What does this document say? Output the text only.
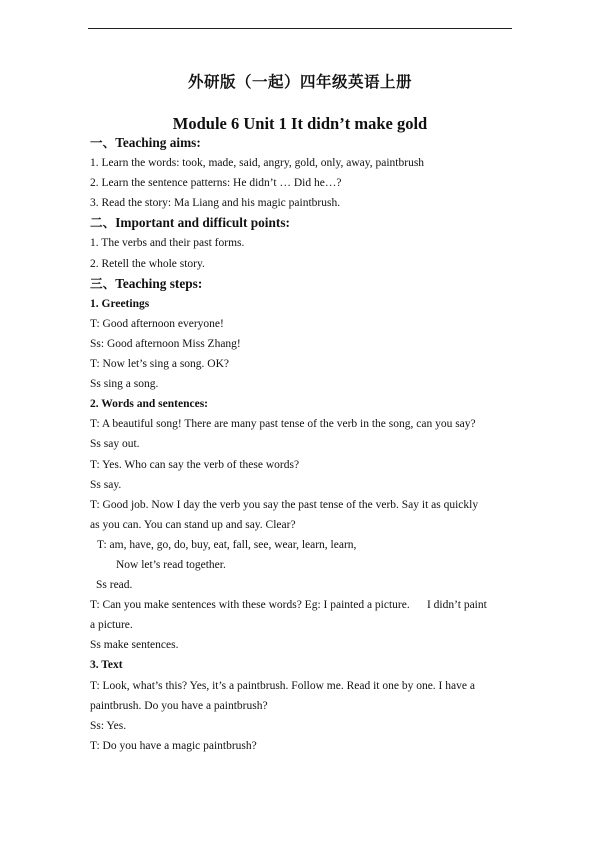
外研版（一起）四年级英语上册
Module 6 Unit 1 It didn’t make gold
一、Teaching aims:
1. Learn the words: took, made, said, angry, gold, only, away, paintbrush
2. Learn the sentence patterns: He didn’t … Did he…?
3. Read the story: Ma Liang and his magic paintbrush.
二、Important and difficult points:
1. The verbs and their past forms.
2. Retell the whole story.
三、Teaching steps:
1. Greetings
T: Good afternoon everyone!
Ss: Good afternoon Miss Zhang!
T: Now let’s sing a song. OK?
Ss sing a song.
2. Words and sentences:
T: A beautiful song! There are many past tense of the verb in the song, can you say?
Ss say out.
T: Yes. Who can say the verb of these words?
Ss say.
T: Good job. Now I day the verb you say the past tense of the verb. Say it as quickly
as you can. You can stand up and say. Clear?
T: am, have, go, do, buy, eat, fall, see, wear, learn, learn,
Now let’s read together.
Ss read.
T: Can you make sentences with these words? Eg: I painted a picture.      I didn’t paint
a picture.
Ss make sentences.
3. Text
T: Look, what’s this? Yes, it’s a paintbrush. Follow me. Read it one by one. I have a
paintbrush. Do you have a paintbrush?
Ss: Yes.
T: Do you have a magic paintbrush?
